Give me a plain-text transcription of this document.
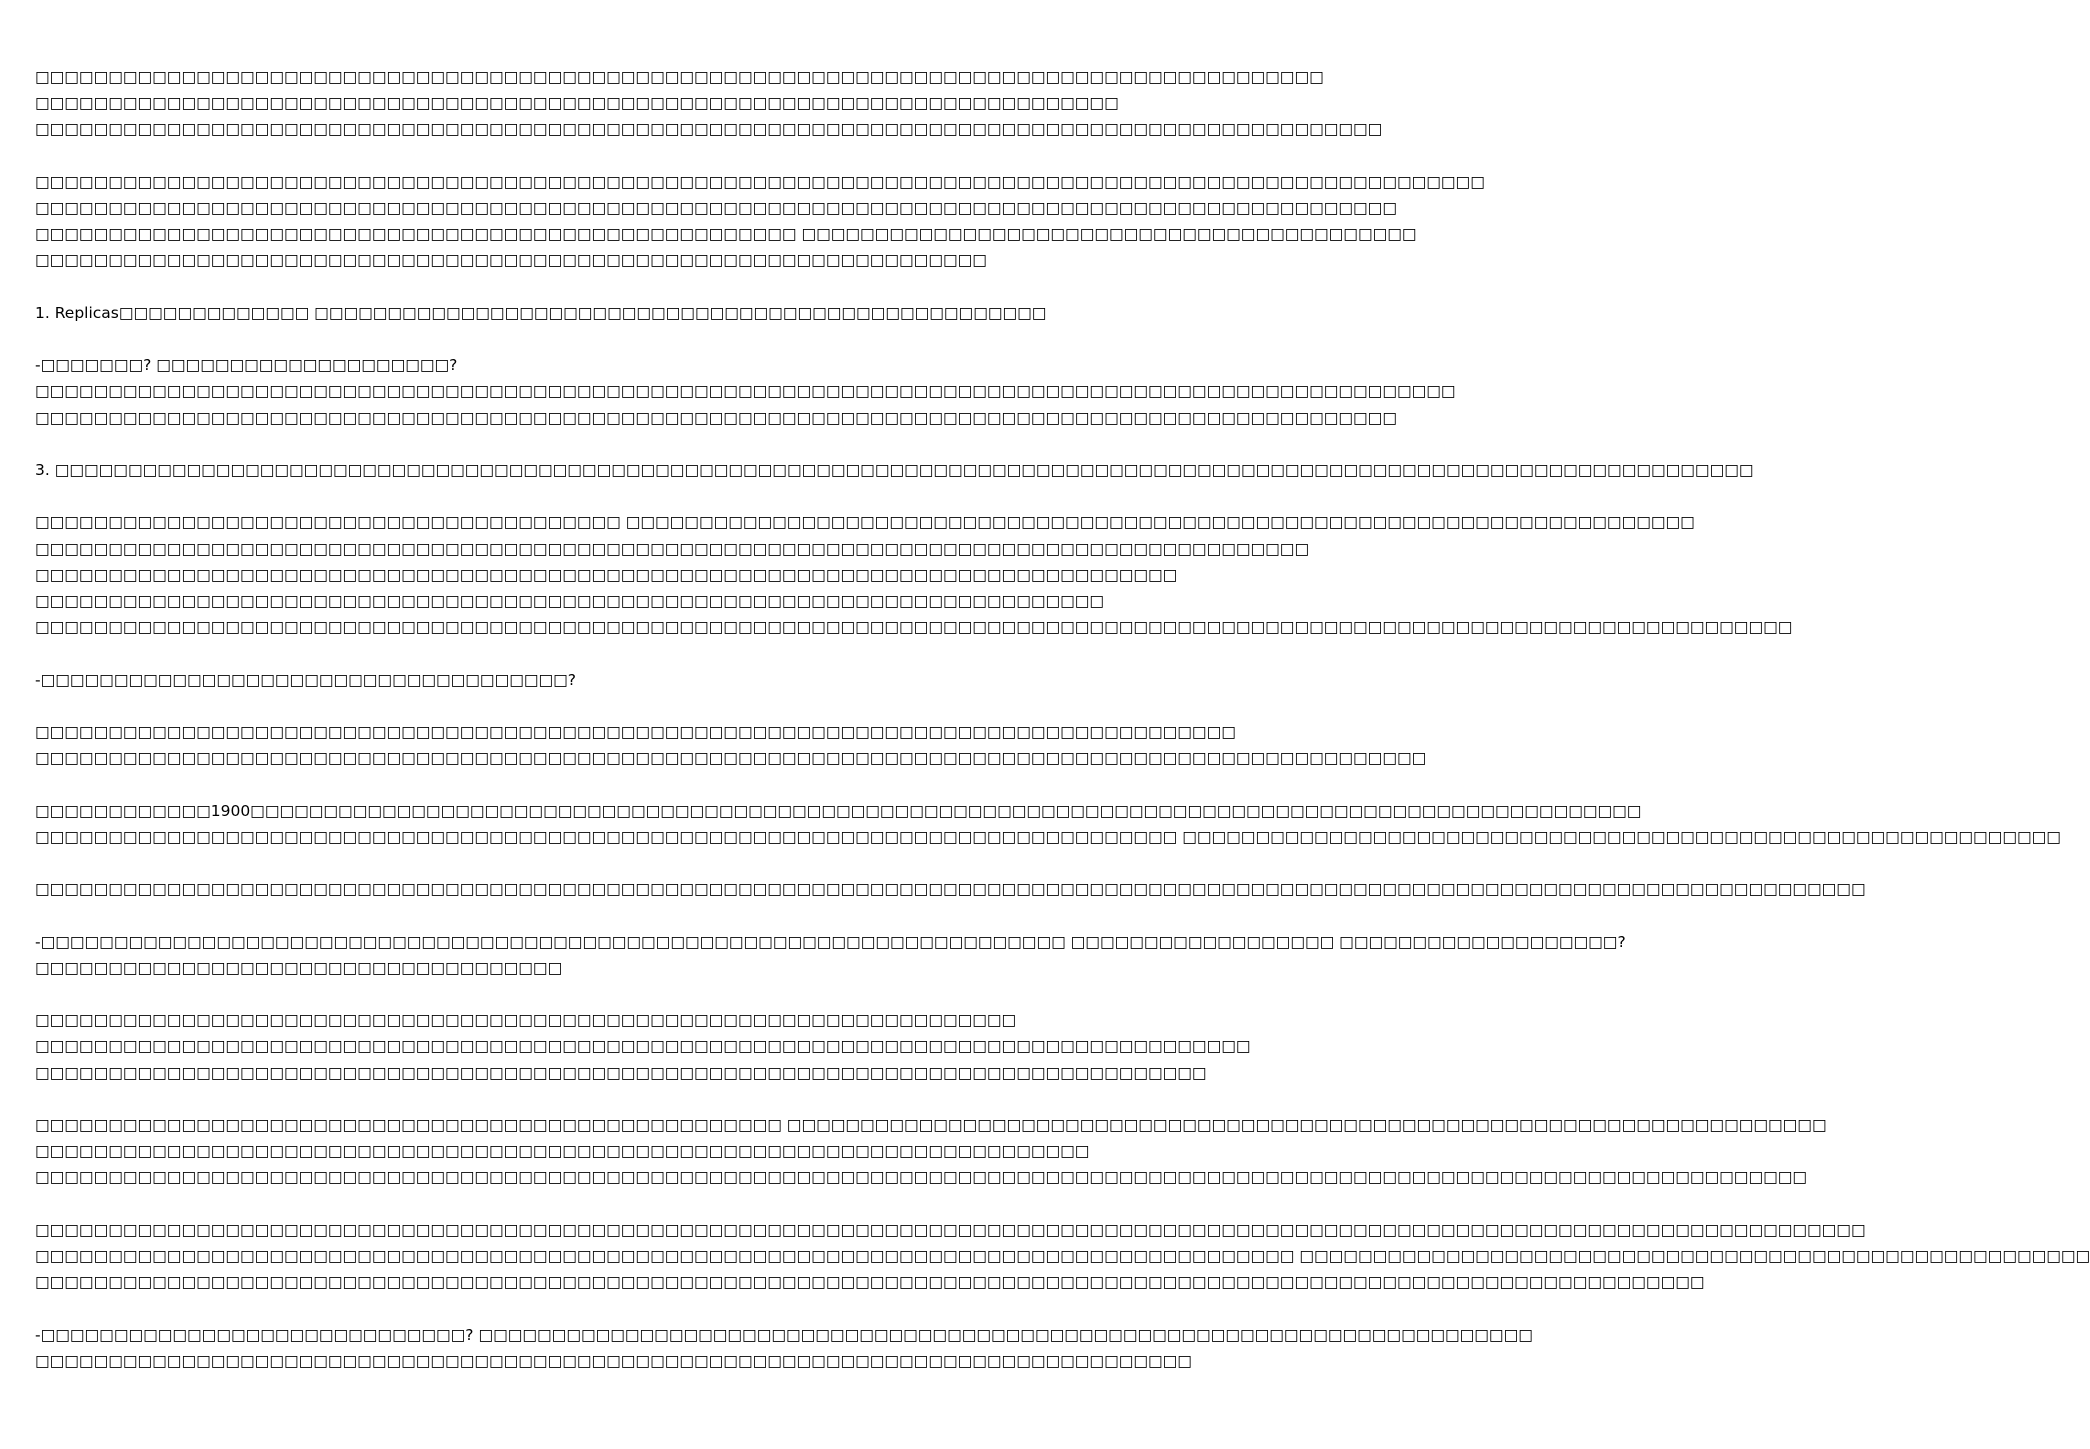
□□□□□□□□□□□□□□□□□□□□□□□□□□□□□□□□□□□□□□□□□□□□□□□□□□□□□□□□□□□□□□□□□□□□□□□□□□□□□□□□□□□□□□□□
□□□□□□□□□□□□□□□□□□□□□□□□□□□□□□□□□□□□□□□□□□□□□□□□□□□□□□□□□□□□□□□□□□□□□□□□□□
□□□□□□□□□□□□□□□□□□□□□□□□□□□□□□□□□□□□□□□□□□□□□□□□□□□□□□□□□□□□□□□□□□□□□□□□□□□□□□□□□□□□□□□□□□□□
□□□□□□□□□□□□□□□□□□□□□□□□□□□□□□□□□□□□□□□□□□□□□□□□□□□□□□□□□□□□□□□□□□□□□□□□□□□□□□□□□□□□□□□□□□□□□□□□□□□
□□□□□□□□□□□□□□□□□□□□□□□□□□□□□□□□□□□□□□□□□□□□□□□□□□□□□□□□□□□□□□□□□□□□□□□□□□□□□□□□□□□□□□□□□□□□□
□□□□□□□□□□□□□□□□□□□□□□□□□□□□□□□□□□□□□□□□□□□□□□□□□□□□ □□□□□□□□□□□□□□□□□□□□□□□□□□□□□□□□□□□□□□□□□□
□□□□□□□□□□□□□□□□□□□□□□□□□□□□□□□□□□□□□□□□□□□□□□□□□□□□□□□□□□□□□□□□□
1. Replicas□□□□□□□□□□□□□ □□□□□□□□□□□□□□□□□□□□□□□□□□□□□□□□□□□□□□□□□□□□□□□□□□
-□□□□□□□? □□□□□□□□□□□□□□□□□□□□?
□□□□□□□□□□□□□□□□□□□□□□□□□□□□□□□□□□□□□□□□□□□□□□□□□□□□□□□□□□□□□□□□□□□□□□□□□□□□□□□□□□□□□□□□□□□□□□□□□
□□□□□□□□□□□□□□□□□□□□□□□□□□□□□□□□□□□□□□□□□□□□□□□□□□□□□□□□□□□□□□□□□□□□□□□□□□□□□□□□□□□□□□□□□□□□□
3. □□□□□□□□□□□□□□□□□□□□□□□□□□□□□□□□□□□□□□□□□□□□□□□□□□□□□□□□□□□□□□□□□□□□□□□□□□□□□□□□□□□□□□□□□□□□□□□□□□□□□□□□□□□□□□□□□□□□
□□□□□□□□□□□□□□□□□□□□□□□□□□□□□□□□□□□□□□□□ □□□□□□□□□□□□□□□□□□□□□□□□□□□□□□□□□□□□□□□□□□□□□□□□□□□□□□□□□□□□□□□□□□□□□□□□□
□□□□□□□□□□□□□□□□□□□□□□□□□□□□□□□□□□□□□□□□□□□□□□□□□□□□□□□□□□□□□□□□□□□□□□□□□□□□□□□□□□□□□□□
□□□□□□□□□□□□□□□□□□□□□□□□□□□□□□□□□□□□□□□□□□□□□□□□□□□□□□□□□□□□□□□□□□□□□□□□□□□□□□
□□□□□□□□□□□□□□□□□□□□□□□□□□□□□□□□□□□□□□□□□□□□□□□□□□□□□□□□□□□□□□□□□□□□□□□□□
□□□□□□□□□□□□□□□□□□□□□□□□□□□□□□□□□□□□□□□□□□□□□□□□□□□□□□□□□□□□□□□□□□□□□□□□□□□□□□□□□□□□□□□□□□□□□□□□□□□□□□□□□□□□□□□□□□□□□□□□
-□□□□□□□□□□□□□□□□□□□□□□□□□□□□□□□□□□□□?
□□□□□□□□□□□□□□□□□□□□□□□□□□□□□□□□□□□□□□□□□□□□□□□□□□□□□□□□□□□□□□□□□□□□□□□□□□□□□□□□□□
□□□□□□□□□□□□□□□□□□□□□□□□□□□□□□□□□□□□□□□□□□□□□□□□□□□□□□□□□□□□□□□□□□□□□□□□□□□□□□□□□□□□□□□□□□□□□□□
□□□□□□□□□□□□1900□□□□□□□□□□□□□□□□□□□□□□□□□□□□□□□□□□□□□□□□□□□□□□□□□□□□□□□□□□□□□□□□□□□□□□□□□□□□□□□□□□□□□□□□□□□□□□□
□□□□□□□□□□□□□□□□□□□□□□□□□□□□□□□□□□□□□□□□□□□□□□□□□□□□□□□□□□□□□□□□□□□□□□□□□□□□□□ □□□□□□□□□□□□□□□□□□□□□□□□□□□□□□□□□□□□□□□□□□□□□□□□□□□□□□□□□□□□
□□□□□□□□□□□□□□□□□□□□□□□□□□□□□□□□□□□□□□□□□□□□□□□□□□□□□□□□□□□□□□□□□□□□□□□□□□□□□□□□□□□□□□□□□□□□□□□□□□□□□□□□□□□□□□□□□□□□□□□□□□□□□
-□□□□□□□□□□□□□□□□□□□□□□□□□□□□□□□□□□□□□□□□□□□□□□□□□□□□□□□□□□□□□□□□□□□□□□ □□□□□□□□□□□□□□□□□□ □□□□□□□□□□□□□□□□□□□?
□□□□□□□□□□□□□□□□□□□□□□□□□□□□□□□□□□□□
□□□□□□□□□□□□□□□□□□□□□□□□□□□□□□□□□□□□□□□□□□□□□□□□□□□□□□□□□□□□□□□□□□□
□□□□□□□□□□□□□□□□□□□□□□□□□□□□□□□□□□□□□□□□□□□□□□□□□□□□□□□□□□□□□□□□□□□□□□□□□□□□□□□□□□□
□□□□□□□□□□□□□□□□□□□□□□□□□□□□□□□□□□□□□□□□□□□□□□□□□□□□□□□□□□□□□□□□□□□□□□□□□□□□□□□□
□□□□□□□□□□□□□□□□□□□□□□□□□□□□□□□□□□□□□□□□□□□□□□□□□□□ □□□□□□□□□□□□□□□□□□□□□□□□□□□□□□□□□□□□□□□□□□□□□□□□□□□□□□□□□□□□□□□□□□□□□□□
□□□□□□□□□□□□□□□□□□□□□□□□□□□□□□□□□□□□□□□□□□□□□□□□□□□□□□□□□□□□□□□□□□□□□□□□
□□□□□□□□□□□□□□□□□□□□□□□□□□□□□□□□□□□□□□□□□□□□□□□□□□□□□□□□□□□□□□□□□□□□□□□□□□□□□□□□□□□□□□□□□□□□□□□□□□□□□□□□□□□□□□□□□□□□□□□□□
□□□□□□□□□□□□□□□□□□□□□□□□□□□□□□□□□□□□□□□□□□□□□□□□□□□□□□□□□□□□□□□□□□□□□□□□□□□□□□□□□□□□□□□□□□□□□□□□□□□□□□□□□□□□□□□□□□□□□□□□□□□□□
□□□□□□□□□□□□□□□□□□□□□□□□□□□□□□□□□□□□□□□□□□□□□□□□□□□□□□□□□□□□□□□□□□□□□□□□□□□□□□□□□□□□□□ □□□□□□□□□□□□□□□□□□□□□□□□□□□□□□□□□□□□□□□□□□□□□□□□□□□□□□
□□□□□□□□□□□□□□□□□□□□□□□□□□□□□□□□□□□□□□□□□□□□□□□□□□□□□□□□□□□□□□□□□□□□□□□□□□□□□□□□□□□□□□□□□□□□□□□□□□□□□□□□□□□□□□□□□□
-□□□□□□□□□□□□□□□□□□□□□□□□□□□□□? □□□□□□□□□□□□□□□□□□□□□□□□□□□□□□□□□□□□□□□□□□□□□□□□□□□□□□□□□□□□□□□□□□□□□□□□
□□□□□□□□□□□□□□□□□□□□□□□□□□□□□□□□□□□□□□□□□□□□□□□□□□□□□□□□□□□□□□□□□□□□□□□□□□□□□□□
